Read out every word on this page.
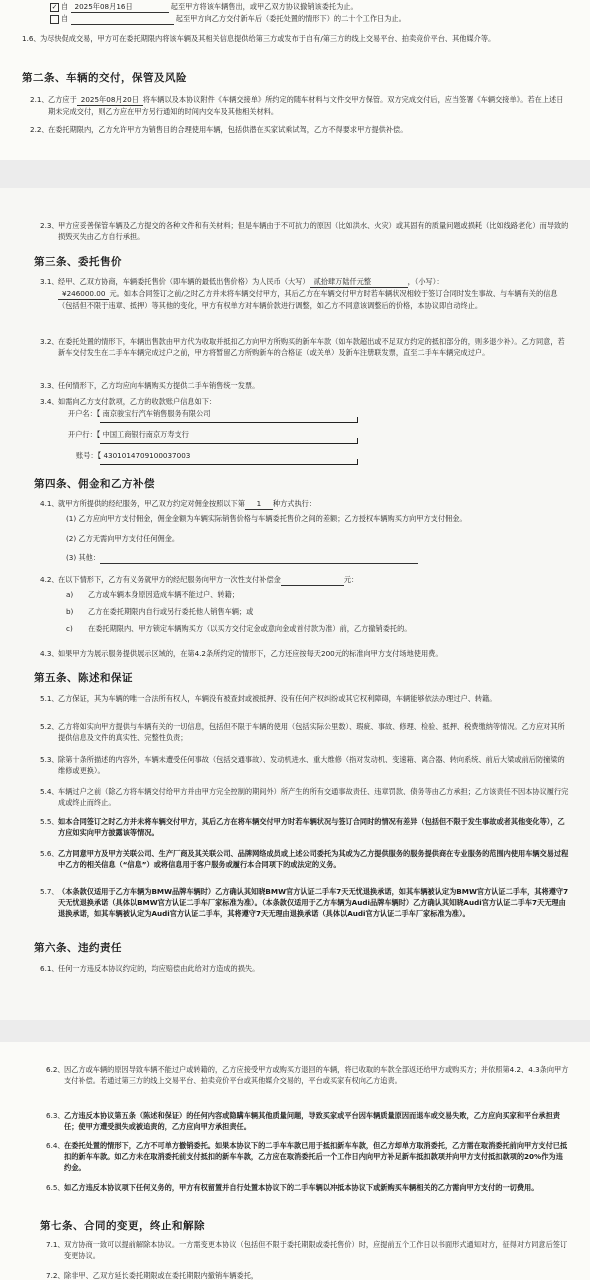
✓ 自 2025年08月16日	起至甲方将该车辆售出，或甲乙双方协议撤销该委托为止。
自	起至甲方向乙方交付新车后（委托处置的情形下）的二十个工作日为止。
1.6、 为尽快促成交易，甲方可在委托期限内将该车辆及其相关信息提供给第三方或发布于自有/第三方的线上交易平台、拍卖竞价平台、其他媒介等。
第二条、车辆的交付，保管及风险
2.1、 乙方应于 2025年08月20日 将车辆以及本协议附件《车辆交接单》所约定的随车材料与文件交甲方保管。双方完成交付后，应当签署《车辆交接单》。若在上述日期未完成交付，则乙方应在甲方另行通知的时间内交车及其他相关材料。
2.2、 在委托期限内，乙方允许甲方为销售目的合理使用车辆，包括供潜在买家试乘试驾，乙方不得要求甲方提供补偿。
2.3、 甲方应妥善保管车辆及乙方提交的各种文件和有关材料；但是车辆由于不可抗力的原因（比如洪水、火灾）或其固有的质量问题或损耗（比如线路老化）而导致的损毁灭失由乙方自行承担。
第三条、委托售价
3.1、 经甲、乙双方协商，车辆委托售价（即车辆的最低出售价格）为人民币（大写） 贰拾肆万陆仟元整	，（小写）：
¥246000.00 元。如本合同签订之前/之时乙方并未将车辆交付甲方，其后乙方在车辆交付甲方时若车辆状况相较于签订合同时发生事故、与车辆有关的信息（包括但不限于违章、抵押）等其他的变化，甲方有权单方对车辆价款进行调整，如乙方不同意该调整后的价格，本协议即自动终止。
3.2、 在委托处置的情形下，车辆出售款由甲方代为收取并抵扣乙方向甲方所购买的新车车款（如车款超出或不足双方约定的抵扣部分的，则多退少补）。乙方同意，若新车交付发生在二手车车辆完成过户之前，甲方将暂留乙方所购新车的合格证（或关单）及新车注册联发票，直至二手车车辆完成过户。
3.3、 任何情形下，乙方均应向车辆购买方提供二手车销售统一发票。
3.4、 如需向乙方支付款项，乙方的收款账户信息如下：
开户名：【 南京骏宝行汽车销售服务有限公司
开户行：【 中国工商银行南京万寿支行
账号：【 4301014709100037003
第四条、佣金和乙方补偿
4.1、 就甲方所提供的经纪服务，甲乙双方约定对佣金按照以下第 1 种方式执行：
(1) 乙方应向甲方支付佣金，佣金金额为车辆实际销售价格与车辆委托售价之间的差额；乙方授权车辆购买方向甲方支付佣金。
(2) 乙方无需向甲方支付任何佣金。
(3) 其他：
4.2、 在以下情形下，乙方有义务就甲方的经纪服务向甲方一次性支付补偿金	元：
a) 乙方或车辆本身原因造成车辆不能过户、转籍；
b) 乙方在委托期限内自行或另行委托他人销售车辆；或
c) 在委托期限内、甲方锁定车辆购买方（以买方交付定金或意向金或首付款为准）前，乙方撤销委托的。
4.3、 如果甲方为展示服务提供展示区域的，在第4.2条所约定的情形下，乙方还应按每天200元的标准向甲方支付场地使用费。
第五条、陈述和保证
5.1、 乙方保证，其为车辆的唯一合法所有权人，车辆没有被查封或被抵押、没有任何产权纠纷或其它权利障碍，车辆能够依法办理过户、转籍。
5.2、 乙方将如实向甲方提供与车辆有关的一切信息，包括但不限于车辆的使用（包括实际公里数）、瑕疵、事故、修理、检验、抵押、税费缴纳等情况。乙方应对其所提供信息及文件的真实性、完整性负责；
5.3、 除第十条所描述的内容外，车辆未遭受任何事故（包括交通事故）、发动机进水、重大维修（指对发动机、变速箱、离合器、转向系统、前后大梁或前后防撞梁的维修或更换）。
5.4、 车辆过户之前（除乙方将车辆交付给甲方并由甲方完全控制的期间外）所产生的所有交通事故责任、违章罚款、债务等由乙方承担；乙方该责任不因本协议履行完成或终止而终止。
5.5、 如本合同签订之时乙方并未将车辆交付甲方，其后乙方在将车辆交付甲方时若车辆状况与签订合同时的情况有差异（包括但不限于发生事故或者其他变化等），乙方应如实向甲方披露该等情况。
5.6、 乙方同意甲方及甲方关联公司、生产厂商及其关联公司、品牌网络成员或上述公司委托为其或为乙方提供服务的服务提供商在专业服务的范围内使用车辆交易过程中乙方的相关信息（“信息”）或将信息用于客户服务或履行本合同项下的或法定的义务。
5.7、 （本条款仅适用于乙方车辆为BMW品牌车辆时）乙方确认其知晓BMW官方认证二手车7天无忧退换承诺，如其车辆被认定为BMW官方认证二手车，其将遵守7天无忧退换承诺（具体以BMW官方认证二手车厂家标准为准）。（本条款仅适用于乙方车辆为Audi品牌车辆时）乙方确认其知晓Audi官方认证二手车7天无理由退换承诺，如其车辆被认定为Audi官方认证二手车，其将遵守7天无理由退换承诺（具体以Audi官方认证二手车厂家标准为准）。
第六条、违约责任
6.1、 任何一方违反本协议约定的，均应赔偿由此给对方造成的损失。
6.2、 因乙方或车辆的原因导致车辆不能过户或转籍的，乙方应接受甲方或购买方退回的车辆，将已收取的车款全部返还给甲方或购买方；并依照第4.2、4.3条向甲方支付补偿。若通过第三方的线上交易平台、拍卖竞价平台或其他媒介交易的，平台或买家有权向乙方追责。
6.3、 乙方违反本协议第五条（陈述和保证）的任何内容或隐瞒车辆其他质量问题，导致买家或平台因车辆质量原因而退车或交易失败，乙方应向买家和平台承担责任；使甲方遭受损失或被追责的，乙方应向甲方承担责任。
6.4、 在委托处置的情形下，乙方不可单方撤销委托。如果本协议下的二手车车款已用于抵扣新车车款，但乙方却单方取消委托，乙方需在取消委托前向甲方支付已抵扣的新车车款。如乙方未在取消委托前支付抵扣的新车车款，乙方应在取消委托后一个工作日内向甲方补足新车抵扣款项并向甲方支付抵扣款项的20%作为违约金。
6.5、 如乙方违反本协议项下任何义务的，甲方有权留置并自行处置本协议下的二手车辆以冲抵本协议下或新购买车辆相关的乙方需向甲方支付的一切费用。
第七条、合同的变更，终止和解除
7.1、 双方协商一致可以提前解除本协议。一方需变更本协议（包括但不限于委托期限或委托售价）时，应提前五个工作日以书面形式通知对方，征得对方同意后签订变更协议。
7.2、 除非甲、乙双方延长委托期限或在委托期限内撤销车辆委托，
